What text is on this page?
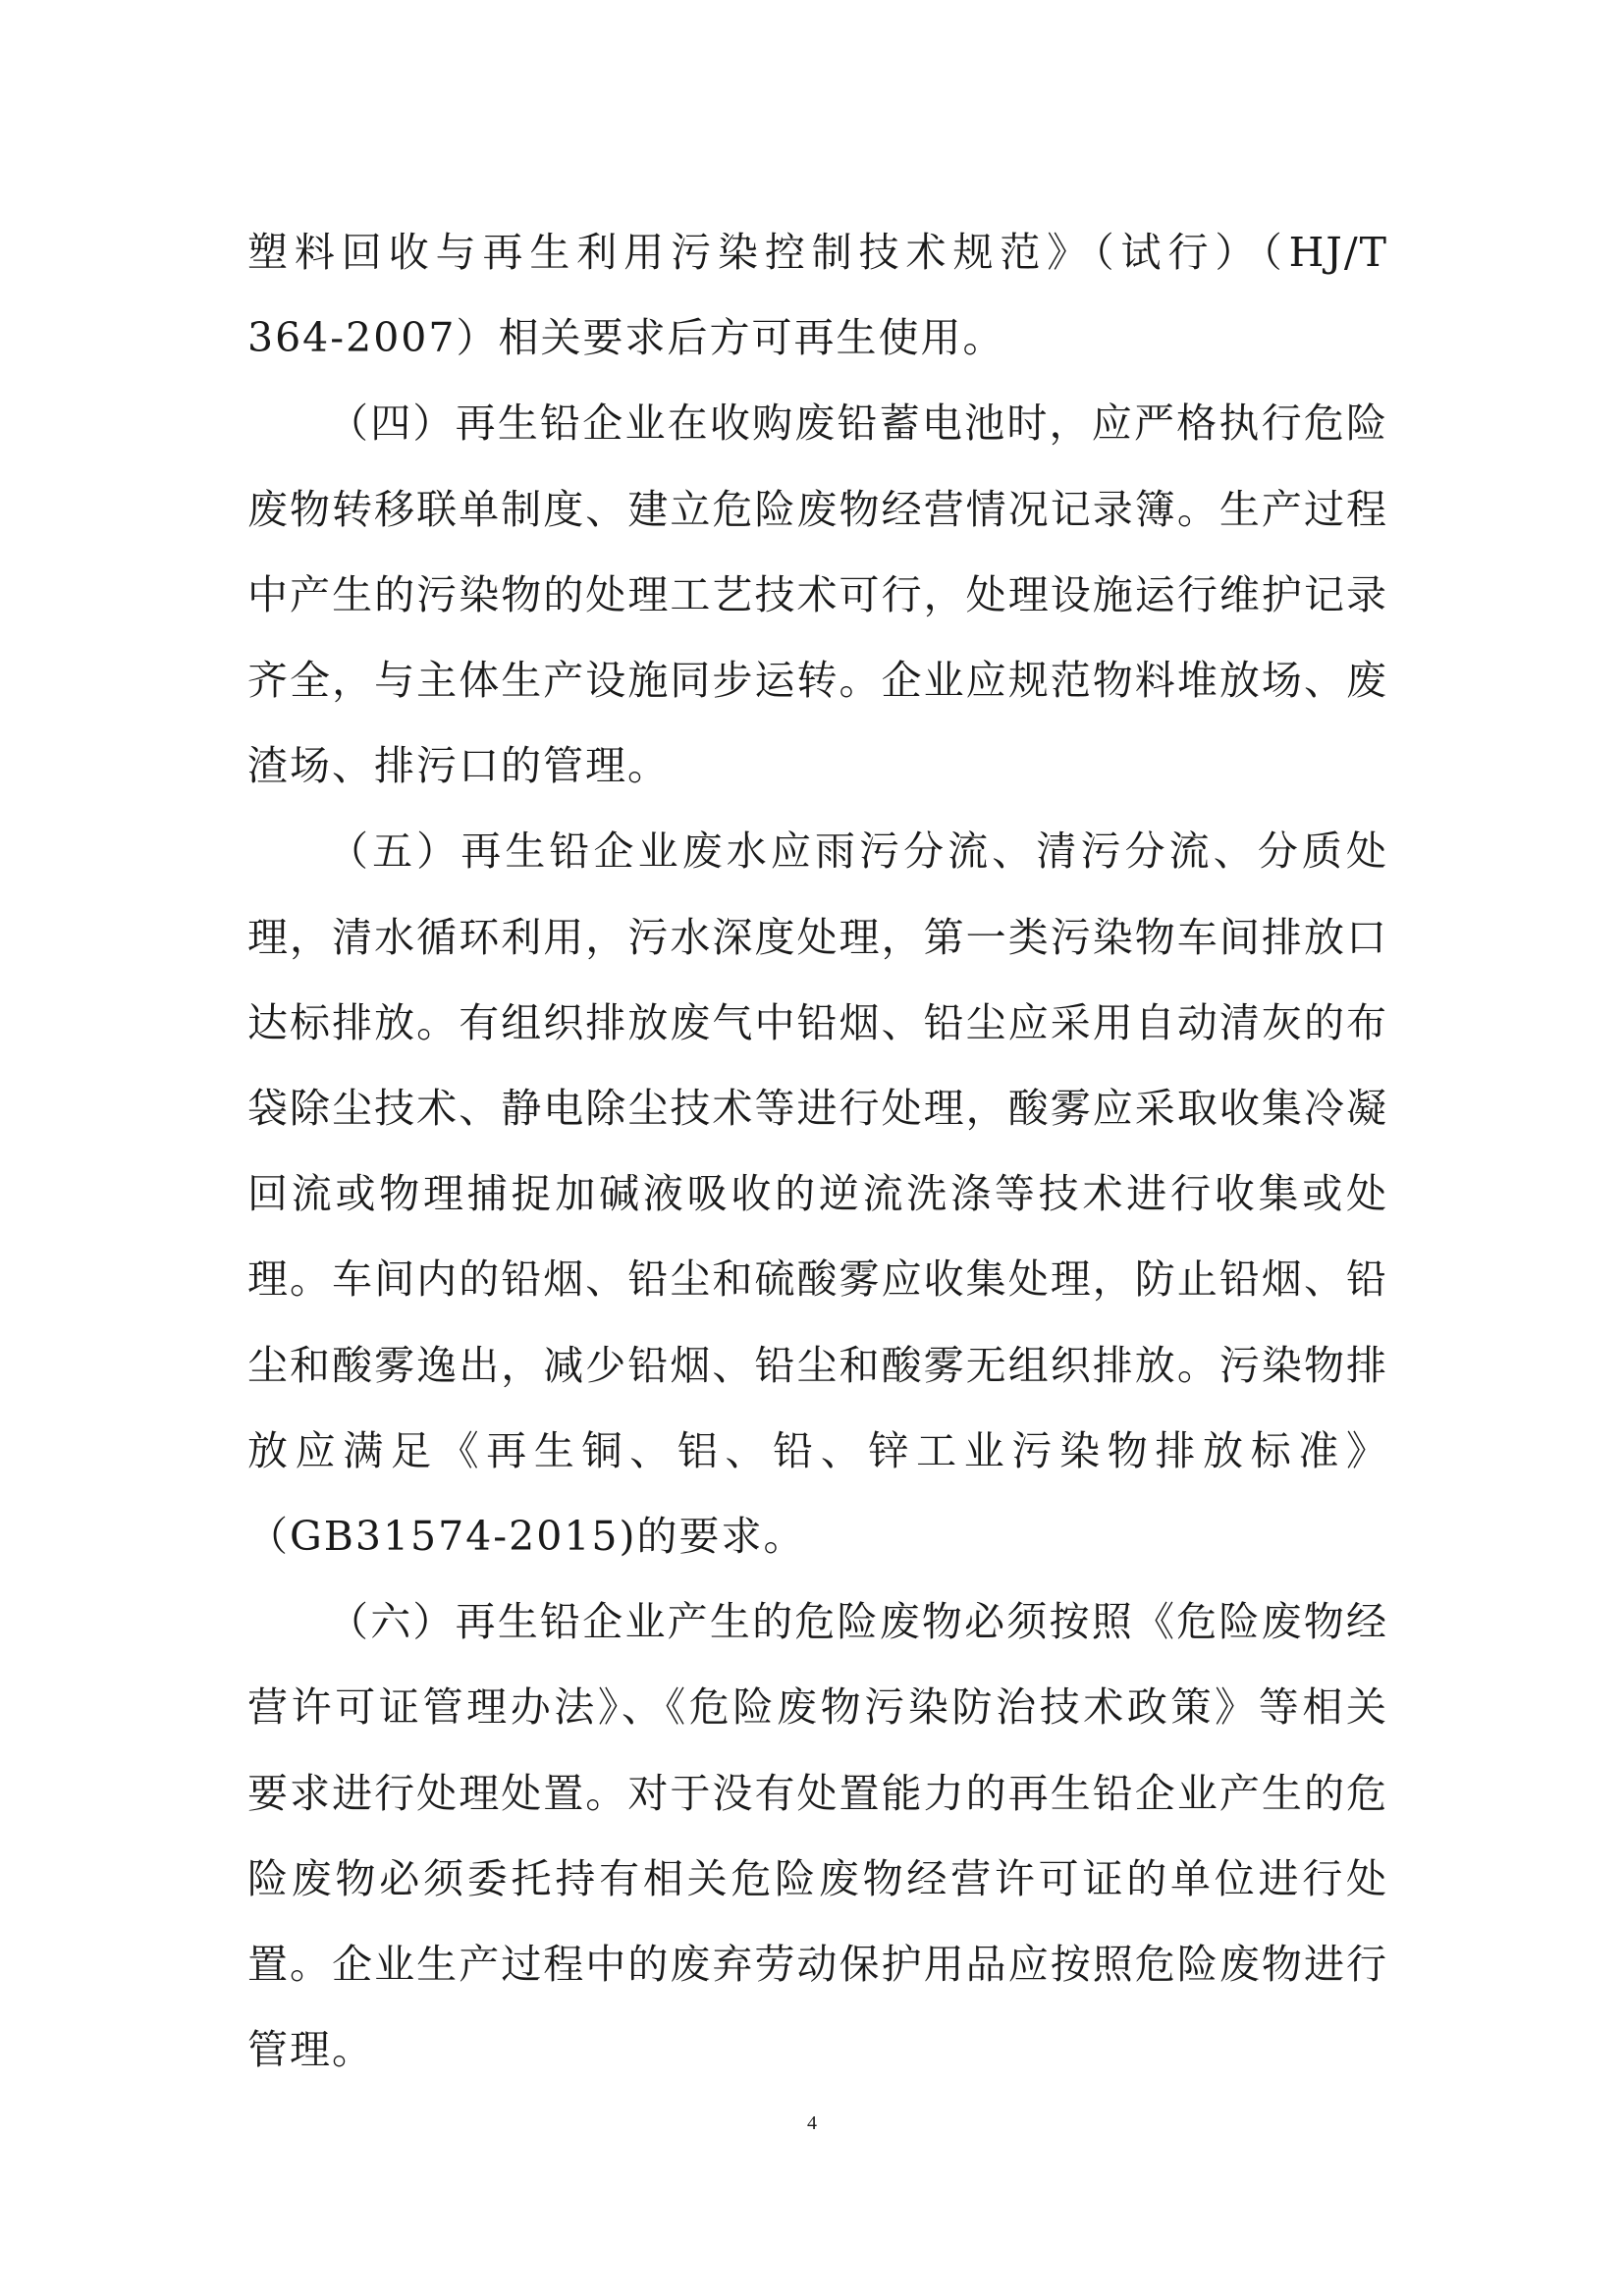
塑料回收与再生利用污染控制技术规范》（试行）（HJ/T 364-2007）相关要求后方可再生使用。

（四）再生铅企业在收购废铅蓄电池时，应严格执行危险废物转移联单制度、建立危险废物经营情况记录簿。生产过程中产生的污染物的处理工艺技术可行，处理设施运行维护记录齐全，与主体生产设施同步运转。企业应规范物料堆放场、废渣场、排污口的管理。

（五）再生铅企业废水应雨污分流、清污分流、分质处理，清水循环利用，污水深度处理，第一类污染物车间排放口达标排放。有组织排放废气中铅烟、铅尘应采用自动清灰的布袋除尘技术、静电除尘技术等进行处理，酸雾应采取收集冷凝回流或物理捕捉加碱液吸收的逆流洗涤等技术进行收集或处理。车间内的铅烟、铅尘和硫酸雾应收集处理，防止铅烟、铅尘和酸雾逸出，减少铅烟、铅尘和酸雾无组织排放。污染物排放应满足《再生铜、铝、铅、锌工业污染物排放标准》（GB31574-2015)的要求。

（六）再生铅企业产生的危险废物必须按照《危险废物经营许可证管理办法》、《危险废物污染防治技术政策》等相关要求进行处理处置。对于没有处置能力的再生铅企业产生的危险废物必须委托持有相关危险废物经营许可证的单位进行处置。企业生产过程中的废弃劳动保护用品应按照危险废物进行管理。

4
